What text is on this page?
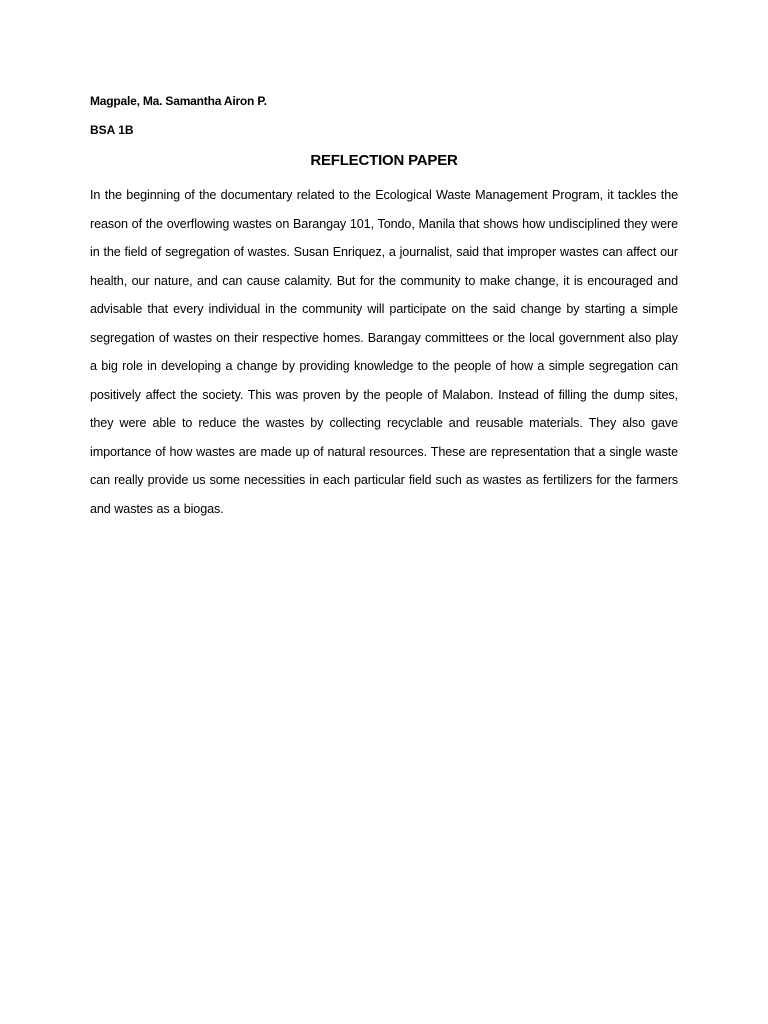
Magpale, Ma. Samantha Airon P.
BSA 1B
REFLECTION PAPER
In the beginning of the documentary related to the Ecological Waste Management Program, it tackles the reason of the overflowing wastes on Barangay 101, Tondo, Manila that shows how undisciplined they were in the field of segregation of wastes. Susan Enriquez, a journalist, said that improper wastes can affect our health, our nature, and can cause calamity. But for the community to make change, it is encouraged and advisable that every individual in the community will participate on the said change by starting a simple segregation of wastes on their respective homes. Barangay committees or the local government also play a big role in developing a change by providing knowledge to the people of how a simple segregation can positively affect the society. This was proven by the people of Malabon. Instead of filling the dump sites, they were able to reduce the wastes by collecting recyclable and reusable materials. They also gave importance of how wastes are made up of natural resources. These are representation that a single waste can really provide us some necessities in each particular field such as wastes as fertilizers for the farmers and wastes as a biogas.
